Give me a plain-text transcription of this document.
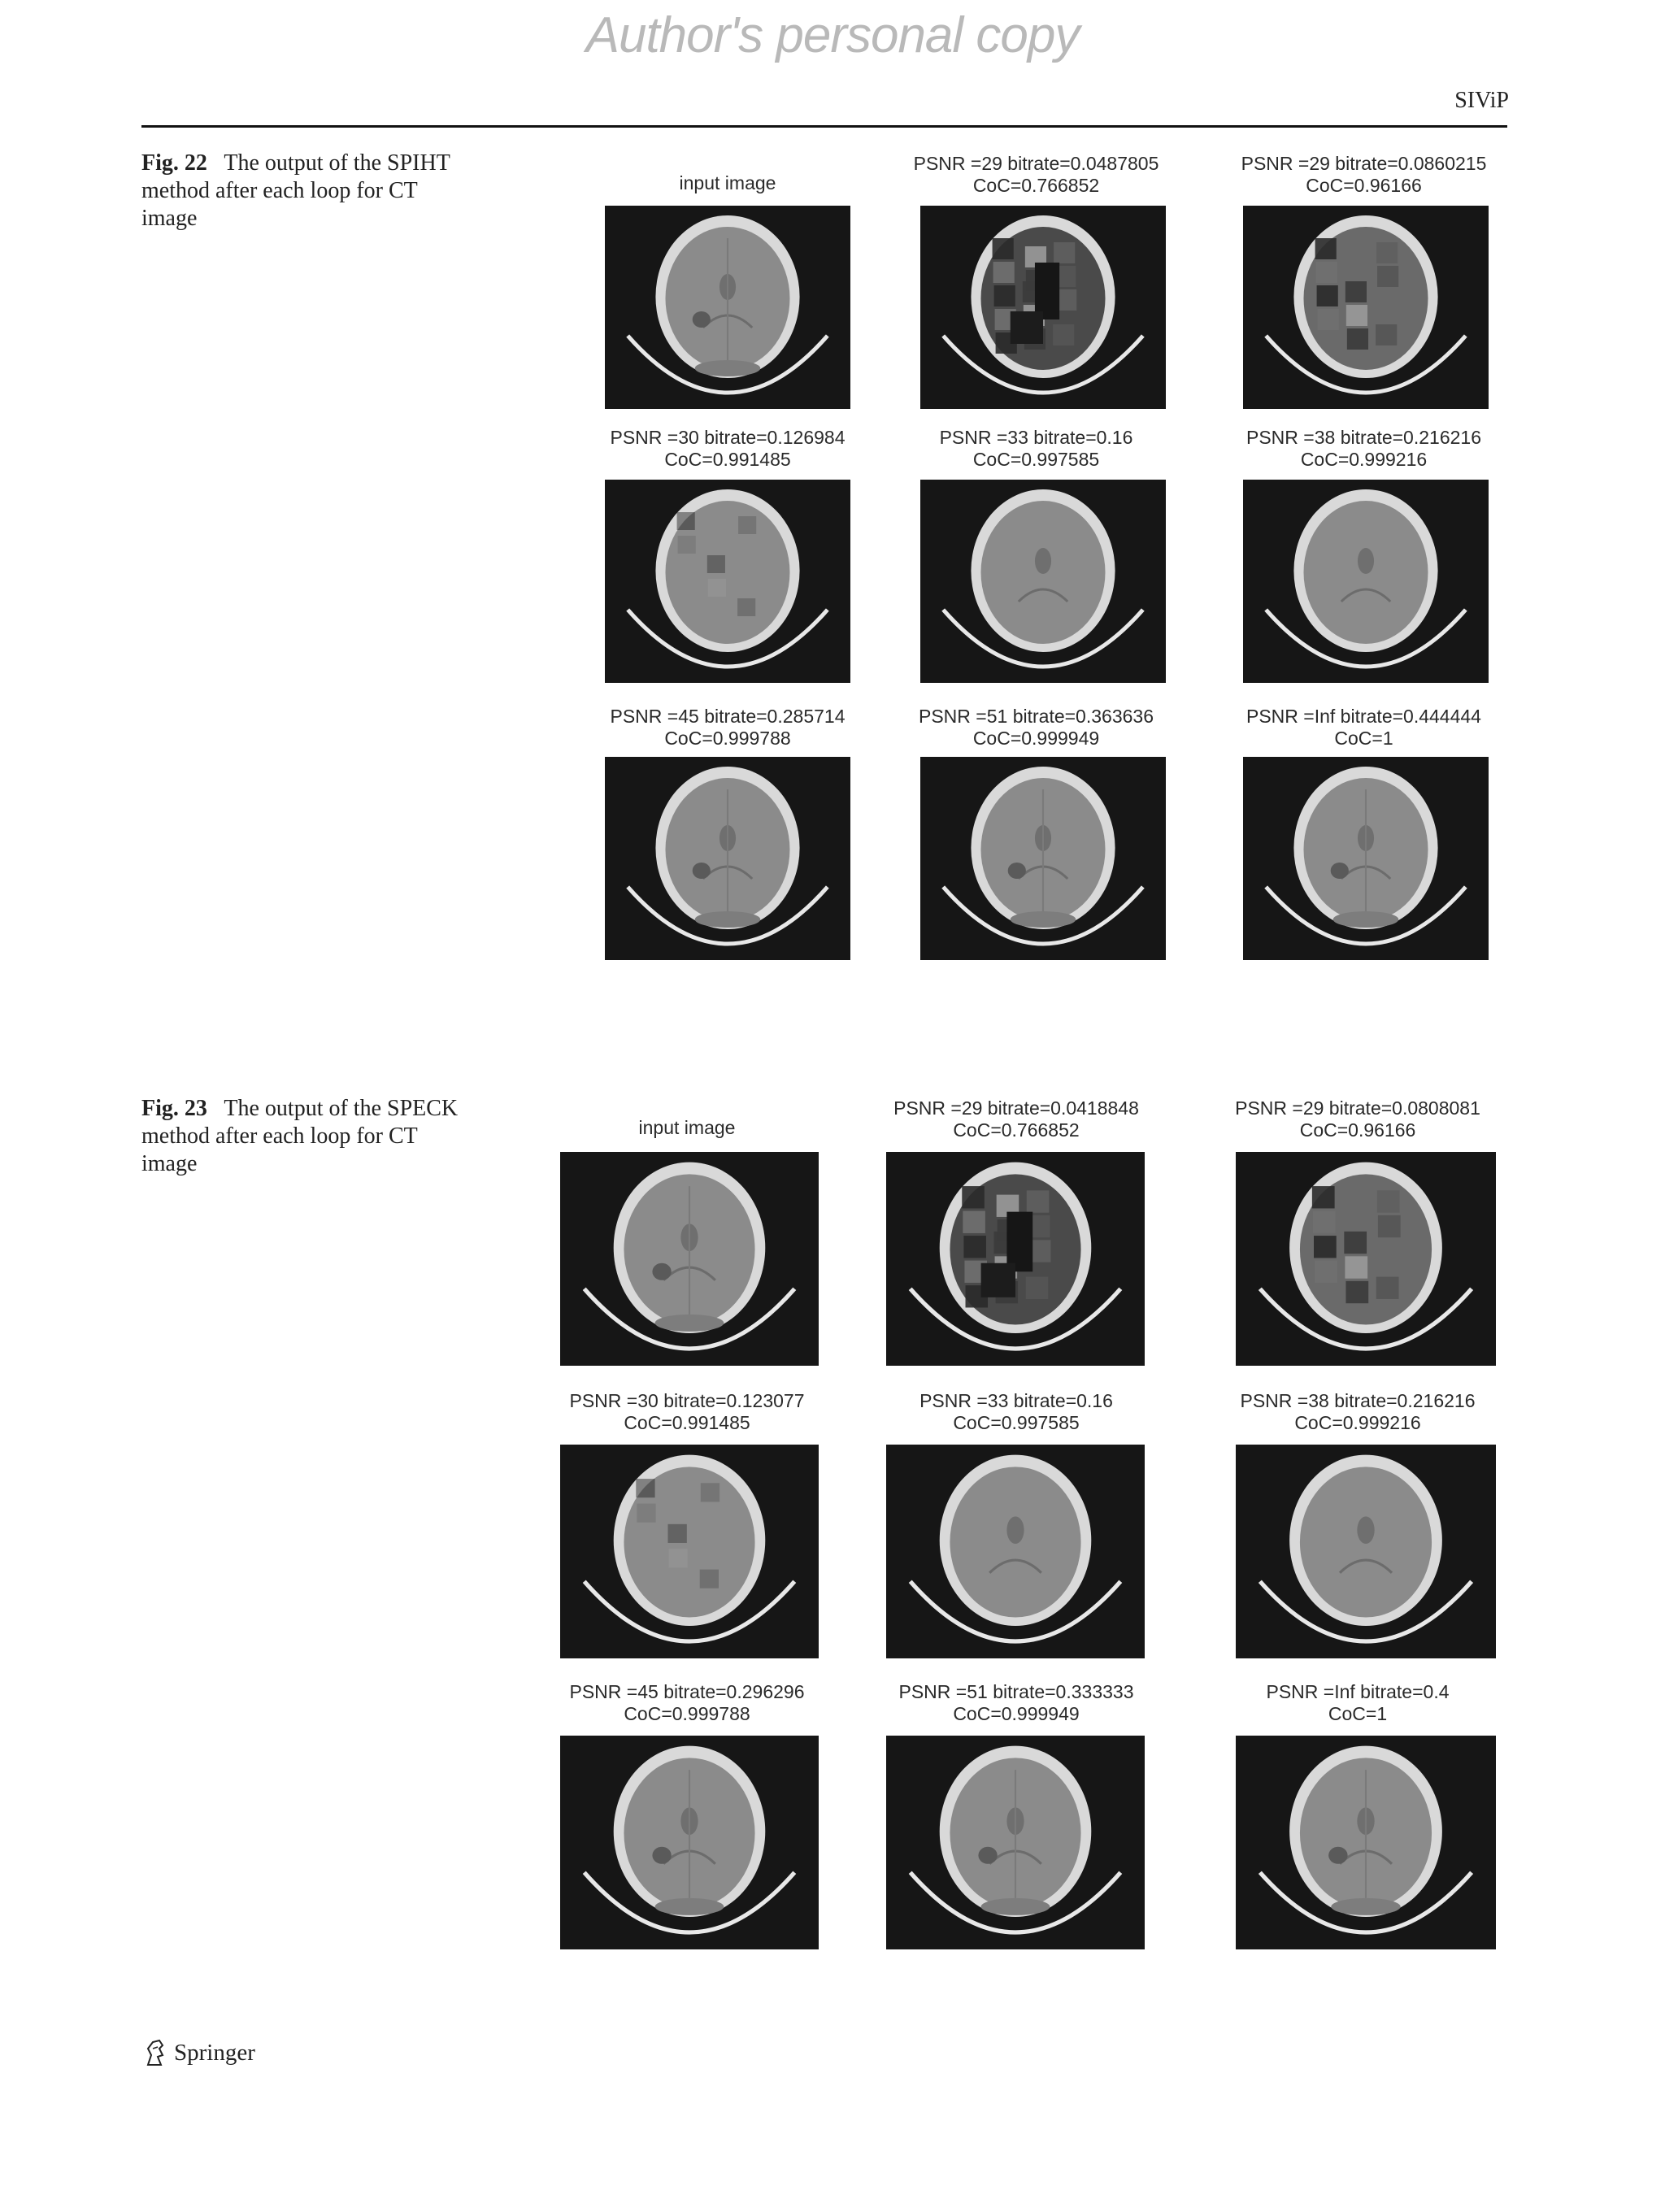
Author's personal copy
SIViP
Fig. 22 The output of the SPIHT method after each loop for CT image
input image
PSNR =29 bitrate=0.0487805
CoC=0.766852
PSNR =29 bitrate=0.0860215
CoC=0.96166
PSNR =30 bitrate=0.126984
CoC=0.991485
PSNR =33 bitrate=0.16
CoC=0.997585
PSNR =38 bitrate=0.216216
CoC=0.999216
PSNR =45 bitrate=0.285714
CoC=0.999788
PSNR =51 bitrate=0.363636
CoC=0.999949
PSNR =Inf bitrate=0.444444
CoC=1
Fig. 23 The output of the SPECK method after each loop for CT image
input image
PSNR =29 bitrate=0.0418848
CoC=0.766852
PSNR =29 bitrate=0.0808081
CoC=0.96166
PSNR =30 bitrate=0.123077
CoC=0.991485
PSNR =33 bitrate=0.16
CoC=0.997585
PSNR =38 bitrate=0.216216
CoC=0.999216
PSNR =45 bitrate=0.296296
CoC=0.999788
PSNR =51 bitrate=0.333333
CoC=0.999949
PSNR =Inf bitrate=0.4
CoC=1
Springer
